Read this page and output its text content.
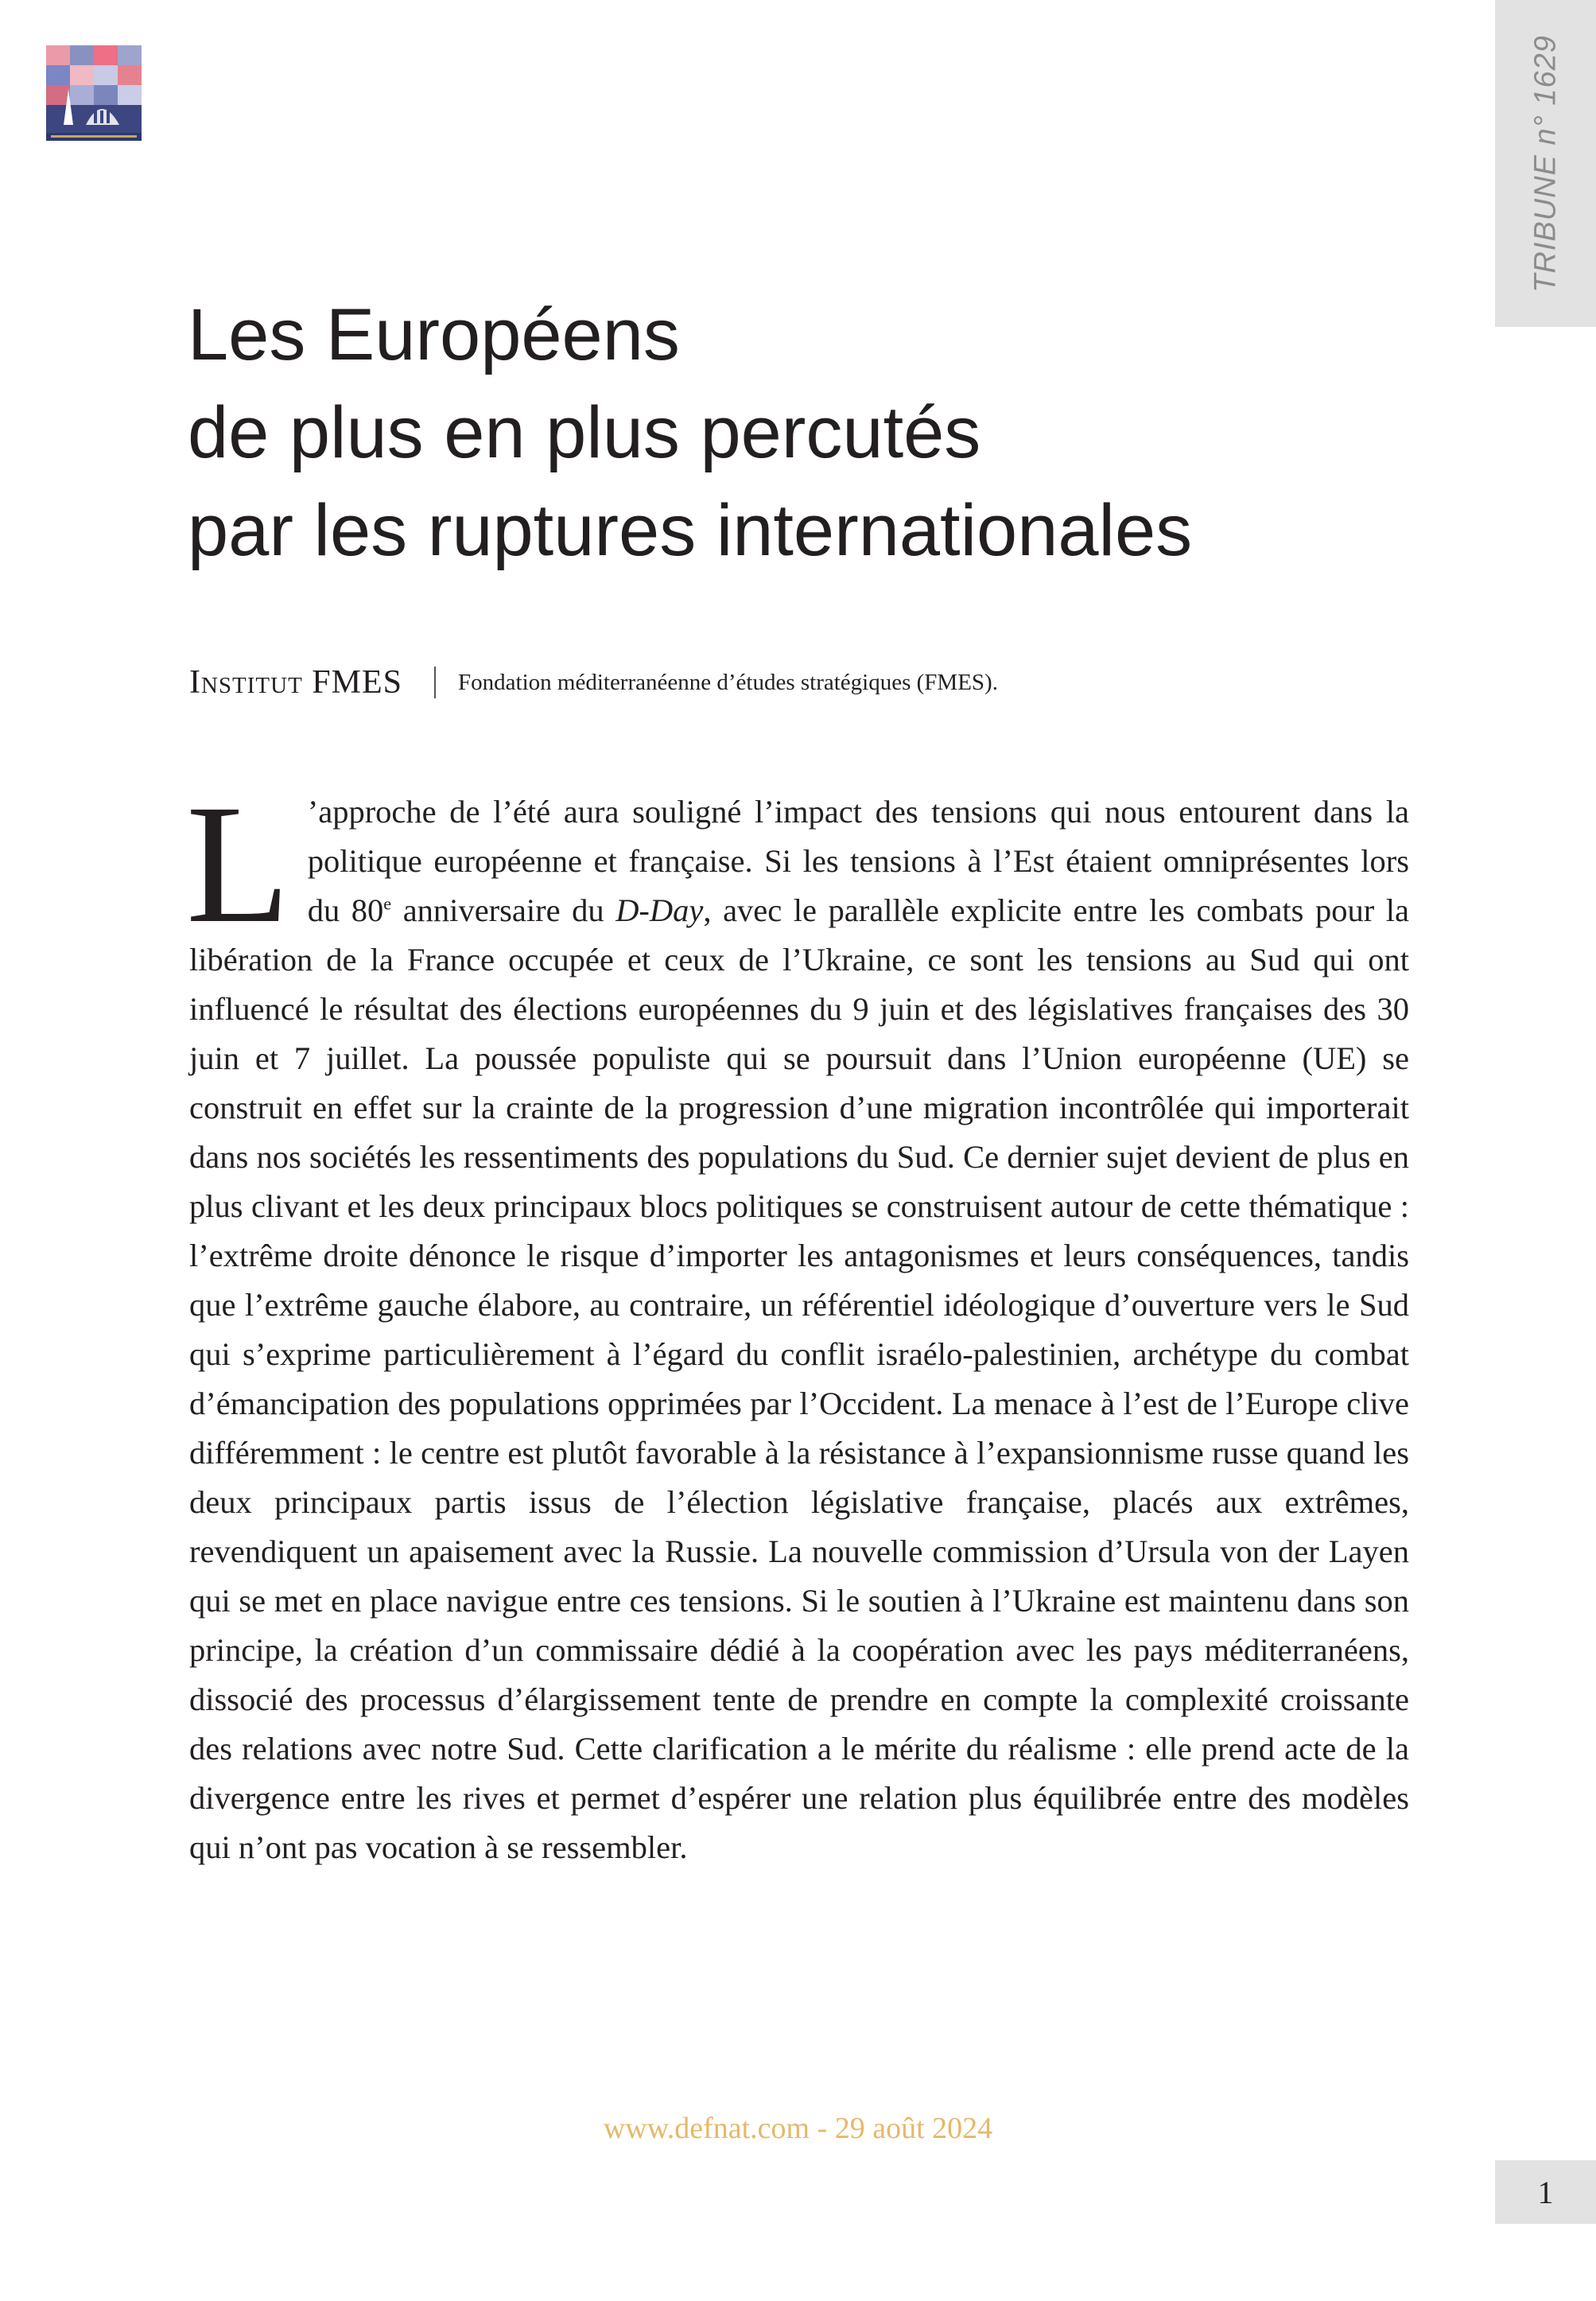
TRIBUNE n° 1629
Les Européens
de plus en plus percutés
par les ruptures internationales
Institut FMES Fondation méditerranéenne d’études stratégiques (FMES).

L ’approche de l’été aura souligné l’impact des tensions qui nous entourent dans la politique européenne et française. Si les tensions à l’Est étaient omniprésentes lors du 80e anniversaire du D-Day, avec le parallèle explicite entre les combats pour la libération de la France occupée et ceux de l’Ukraine, ce sont les tensions au Sud qui ont influencé le résultat des élections européennes du 9 juin et des législatives françaises des 30 juin et 7 juillet. La poussée populiste qui se poursuit dans l’Union européenne (UE) se construit en effet sur la crainte de la progression d’une migration incontrôlée qui importerait dans nos sociétés les ressentiments des populations du Sud. Ce dernier sujet devient de plus en plus clivant et les deux principaux blocs politiques se construisent autour de cette thématique : l’extrême droite dénonce le risque d’importer les antagonismes et leurs conséquences, tandis que l’extrême gauche élabore, au contraire, un référentiel idéologique d’ouverture vers le Sud qui s’exprime particulièrement à l’égard du conflit israélo-palestinien, archétype du combat d’émancipation des populations opprimées par l’Occident. La menace à l’est de l’Europe clive différemment : le centre est plutôt favorable à la résistance à l’expansionnisme russe quand les deux principaux partis issus de l’élection législative française, placés aux extrêmes, revendiquent un apaisement avec la Russie. La nouvelle commission d’Ursula von der Layen qui se met en place navigue entre ces tensions. Si le soutien à l’Ukraine est maintenu dans son principe, la création d’un commissaire dédié à la coopération avec les pays méditerranéens, dissocié des processus d’élargissement tente de prendre en compte la complexité croissante des relations avec notre Sud. Cette clarification a le mérite du réalisme : elle prend acte de la divergence entre les rives et permet d’espérer une relation plus équilibrée entre des modèles qui n’ont pas vocation à se ressembler.

www.defnat.com - 29 août 2024
1
